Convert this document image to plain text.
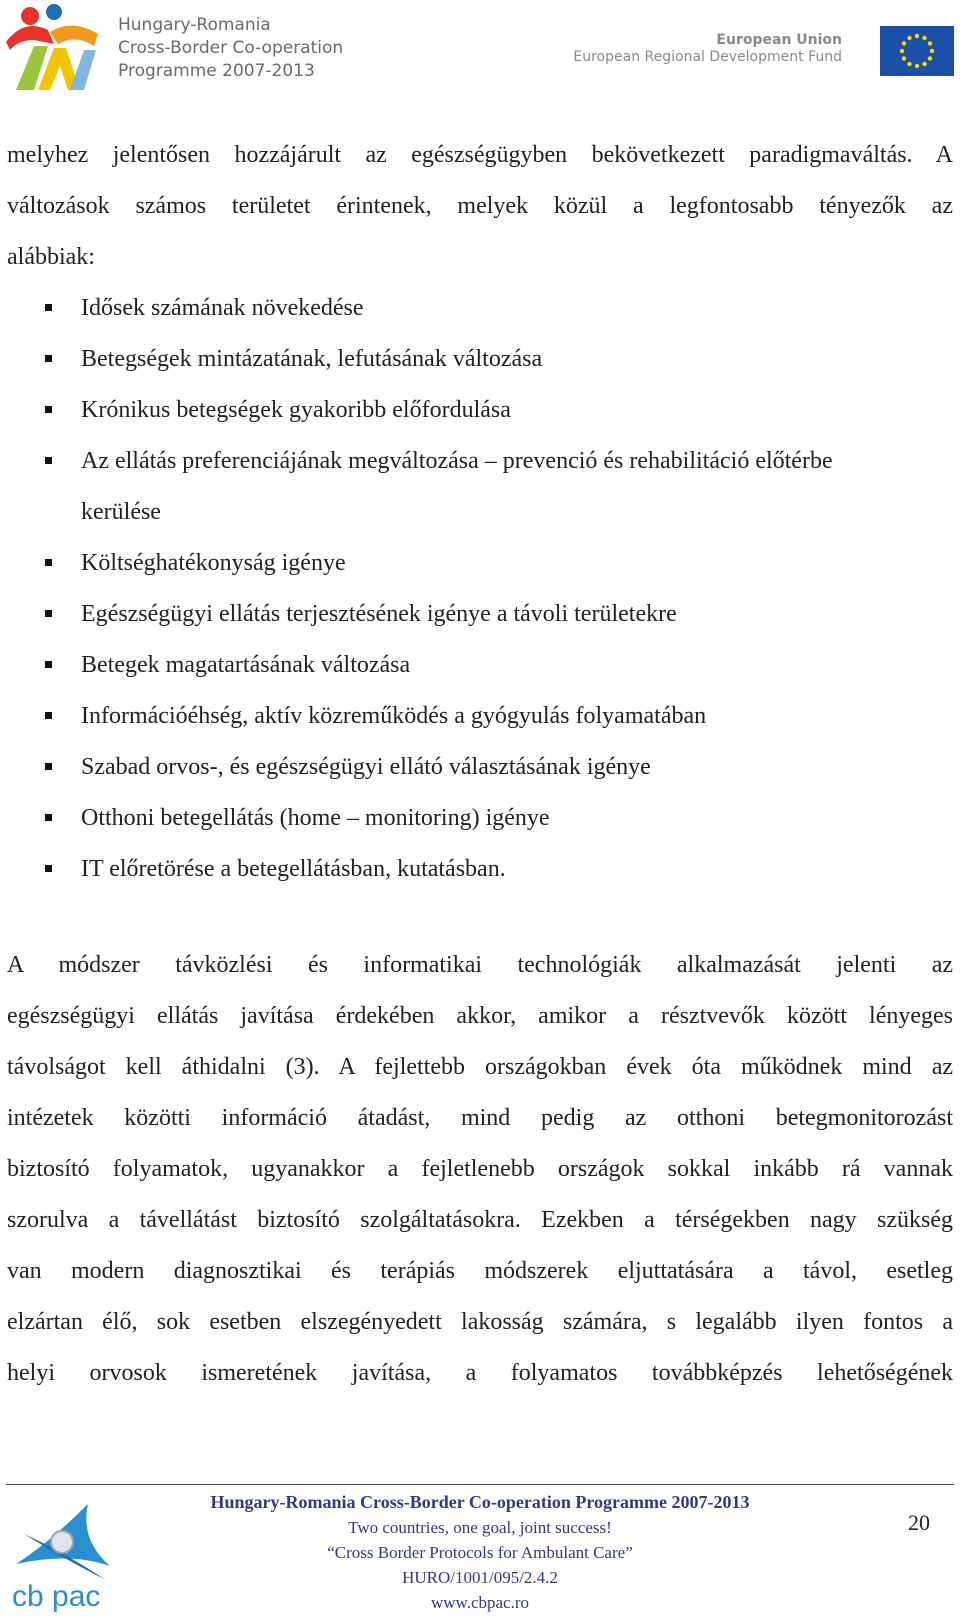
Hungary-Romania
Cross-Border Co-operation
Programme 2007-2013
European Union
European Regional Development Fund
melyhez jelentősen hozzájárult az egészségügyben bekövetkezett paradigmaváltás. A
változások számos területet érintenek, melyek közül a legfontosabb tényezők az
alábbiak:
Idősek számának növekedése
Betegségek mintázatának, lefutásának változása
Krónikus betegségek gyakoribb előfordulása
Az ellátás preferenciájának megváltozása – prevenció és rehabilitáció előtérbe
kerülése
Költséghatékonyság igénye
Egészségügyi ellátás terjesztésének igénye a távoli területekre
Betegek magatartásának változása
Információéhség, aktív közreműködés a gyógyulás folyamatában
Szabad orvos-, és egészségügyi ellátó választásának igénye
Otthoni betegellátás (home – monitoring) igénye
IT előretörése a betegellátásban, kutatásban.
A módszer távközlési és informatikai technológiák alkalmazását jelenti az
egészségügyi ellátás javítása érdekében akkor, amikor a résztvevők között lényeges
távolságot kell áthidalni (3). A fejlettebb országokban évek óta működnek mind az
intézetek közötti információ átadást, mind pedig az otthoni betegmonitorozást
biztosító folyamatok, ugyanakkor a fejletlenebb országok sokkal inkább rá vannak
szorulva a távellátást biztosító szolgáltatásokra. Ezekben a térségekben nagy szükség
van modern diagnosztikai és terápiás módszerek eljuttatására a távol, esetleg
elzártan élő, sok esetben elszegényedett lakosság számára, s legalább ilyen fontos a
helyi orvosok ismeretének javítása, a folyamatos továbbképzés lehetőségének
cb pac
Hungary-Romania Cross-Border Co-operation Programme 2007-2013
Two countries, one goal, joint success!
“Cross Border Protocols for Ambulant Care”
HURO/1001/095/2.4.2
www.cbpac.ro
20
